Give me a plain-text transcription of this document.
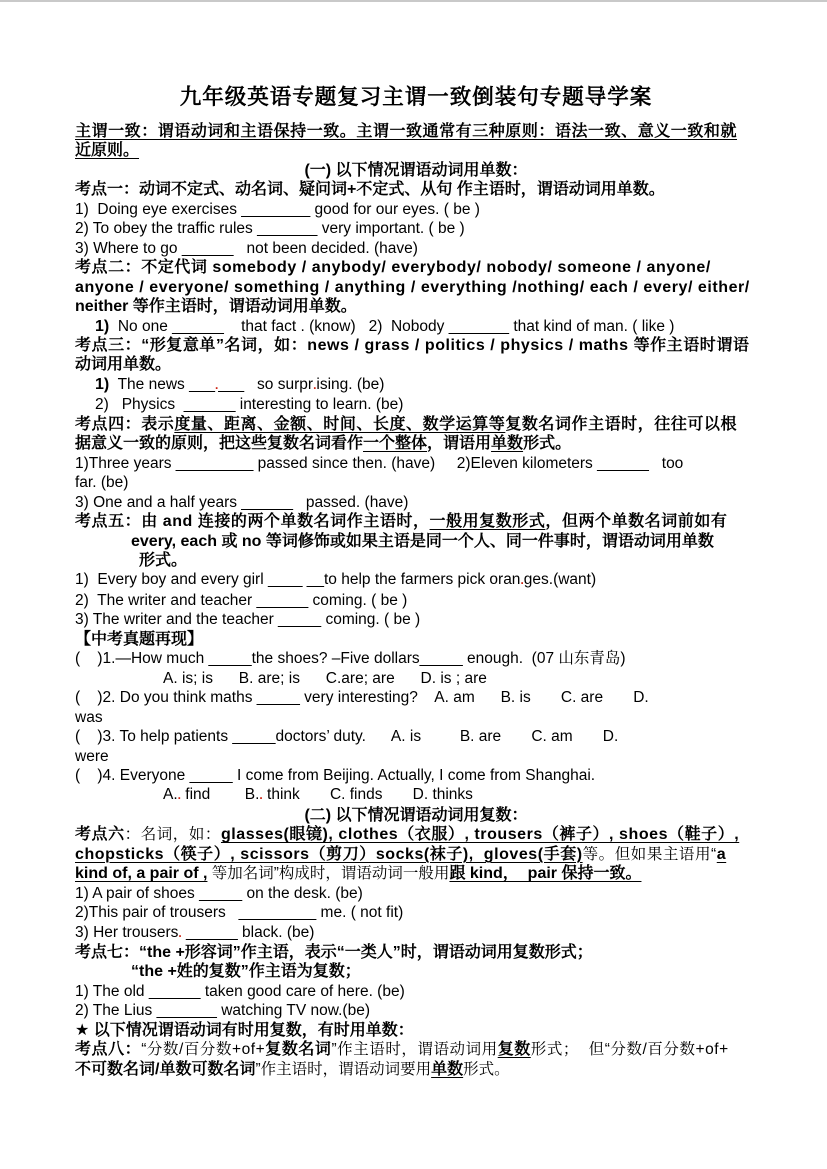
九年级英语专题复习主谓一致倒装句专题导学案
主谓一致：谓语动词和主语保持一致。主谓一致通常有三种原则：语法一致、意义一致和就
近原则。
(一) 以下情况谓语动词用单数：
考点一：动词不定式、动名词、疑问词+不定式、从句 作主语时，谓语动词用单数。
1)  Doing eye exercises ________ good for our eyes. ( be )
2) To obey the traffic rules _______ very important. ( be )
3) Where to go ______   not been decided. (have)
考点二：不定代词 somebody / anybody/ everybody/ nobody/ someone / anyone/
anyone / everyone/ something / anything / everything /nothing/ each / every/ either/
neither 等作主语时，谓语动词用单数。
1)  No one ______    that fact . (know)   2)  Nobody _______ that kind of man. ( like )
考点三：“形复意单”名词，如：news / grass / politics / physics / maths 等作主语时谓语
动词用单数。
1)  The news ___.___   so surpr.ising. (be)
2)   Physics  ______ interesting to learn. (be)
考点四：表示度量、距离、金额、时间、长度、数学运算等复数名词作主语时，往往可以根
据意义一致的原则，把这些复数名词看作一个整体，谓语用单数形式。
1)Three years _________ passed since then. (have)     2)Eleven kilometers ______   too
far. (be)
3) One and a half years ______   passed. (have)
考点五：由 and 连接的两个单数名词作主语时，一般用复数形式，但两个单数名词前如有
every, each 或 no 等词修饰或如果主语是同一个人、同一件事时，谓语动词用单数
形式。
1)  Every boy and every girl ____ __to help the farmers pick oran.ges.(want)
2)  The writer and teacher ______ coming. ( be )
3) The writer and the teacher _____ coming. ( be )
【中考真题再现】
(    )1.—How much _____the shoes? –Five dollars_____ enough.  (07 山东青岛)
A. is; is      B. are; is      C.are; are      D. is ; are
(    )2. Do you think maths _____ very interesting?    A. am      B. is       C. are       D.
was
(    )3. To help patients _____doctors’ duty.      A. is         B. are       C. am       D.
were
(    )4. Everyone _____ I come from Beijing. Actually, I come from Shanghai.
A.. find        B.. think       C. finds       D. thinks
(二) 以下情况谓语动词用复数：
考点六：名词，如：glasses(眼镜), clothes（衣服）, trousers（裤子）, shoes（鞋子）,
chopsticks（筷子）, scissors（剪刀）socks(袜子),  gloves(手套)等。但如果主语用“a
kind of, a pair of , 等加名词”构成时，谓语动词一般用跟 kind，  pair 保持一致。
1) A pair of shoes _____ on the desk. (be)
2)This pair of trousers   _________ me. ( not fit)
3) Her trousers. ______ black. (be)
考点七：“the +形容词”作主语，表示“一类人”时，谓语动词用复数形式；
“the +姓的复数”作主语为复数；
1) The old ______ taken good care of here. (be)
2) The Lius _______ watching TV now.(be)
★ 以下情况谓语动词有时用复数，有时用单数：
考点八：“分数/百分数+of+复数名词”作主语时，谓语动词用复数形式；  但“分数/百分数+of+
不可数名词/单数可数名词”作主语时，谓语动词要用单数形式。
